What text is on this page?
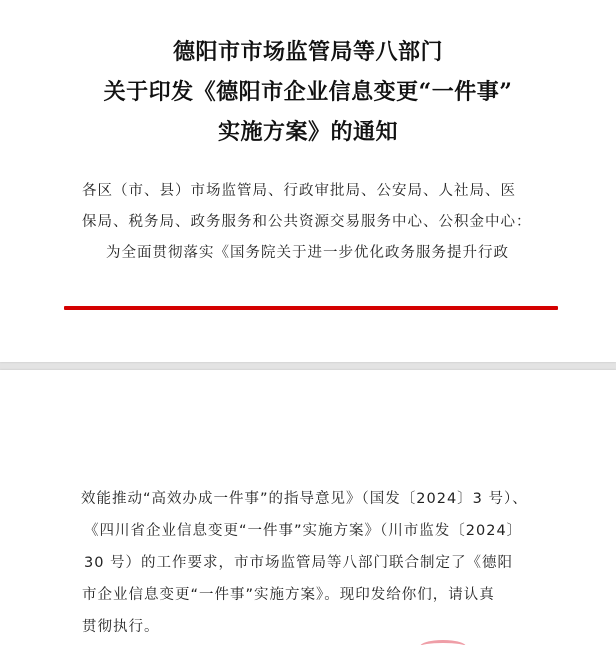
德阳市市场监管局等八部门
关于印发《德阳市企业信息变更“一件事”
实施方案》的通知
各区（市、县）市场监管局、行政审批局、公安局、人社局、医
保局、税务局、政务服务和公共资源交易服务中心、公积金中心：
为全面贯彻落实《国务院关于进一步优化政务服务提升行政
效能推动“高效办成一件事”的指导意见》（国发〔2024〕3 号）、
《四川省企业信息变更“一件事”实施方案》（川市监发〔2024〕
30 号）的工作要求，市市场监管局等八部门联合制定了《德阳
市企业信息变更“一件事”实施方案》。现印发给你们，请认真
贯彻执行。
